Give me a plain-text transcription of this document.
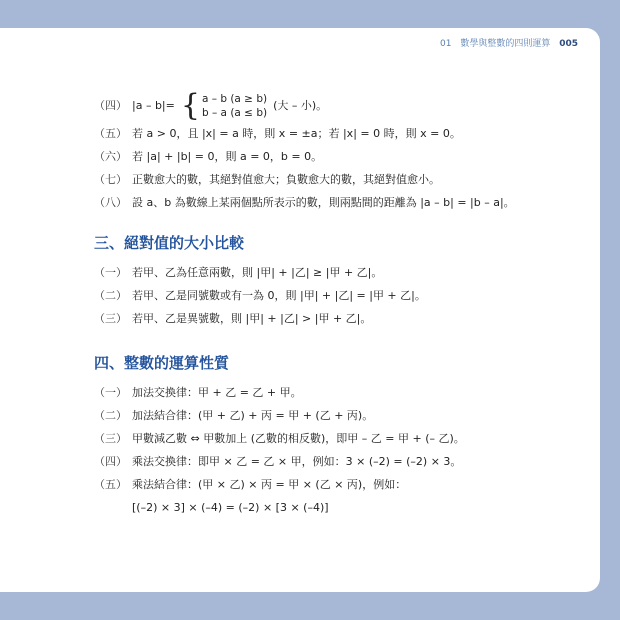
01 數學與整數的四則運算 005
（四） |a – b|= { a – b (a ≥ b)
b – a (a ≤ b)
(大 – 小)。
（五） 若 a > 0，且 |x| = a 時，則 x = ±a；若 |x| = 0 時，則 x = 0。
（六） 若 |a| + |b| = 0，則 a = 0，b = 0。
（七） 正數愈大的數，其絕對值愈大；負數愈大的數，其絕對值愈小。
（八） 設 a、b 為數線上某兩個點所表示的數，則兩點間的距離為 |a – b| = |b – a|。
三、絕對值的大小比較
（一） 若甲、乙為任意兩數，則 |甲| + |乙| ≥ |甲 + 乙|。
（二） 若甲、乙是同號數或有一為 0，則 |甲| + |乙| = |甲 + 乙|。
（三） 若甲、乙是異號數，則 |甲| + |乙| > |甲 + 乙|。
四、整數的運算性質
（一） 加法交換律：甲 + 乙 = 乙 + 甲。
（二） 加法結合律：(甲 + 乙) + 丙 = 甲 + (乙 + 丙)。
（三） 甲數減乙數 ⇔ 甲數加上 (乙數的相反數)，即甲 – 乙 = 甲 + (– 乙)。
（四） 乘法交換律：即甲 × 乙 = 乙 × 甲，例如：3 × (–2) = (–2) × 3。
（五） 乘法結合律：(甲 × 乙) × 丙 = 甲 × (乙 × 丙)，例如：
[(–2) × 3] × (–4) = (–2) × [3 × (–4)]
